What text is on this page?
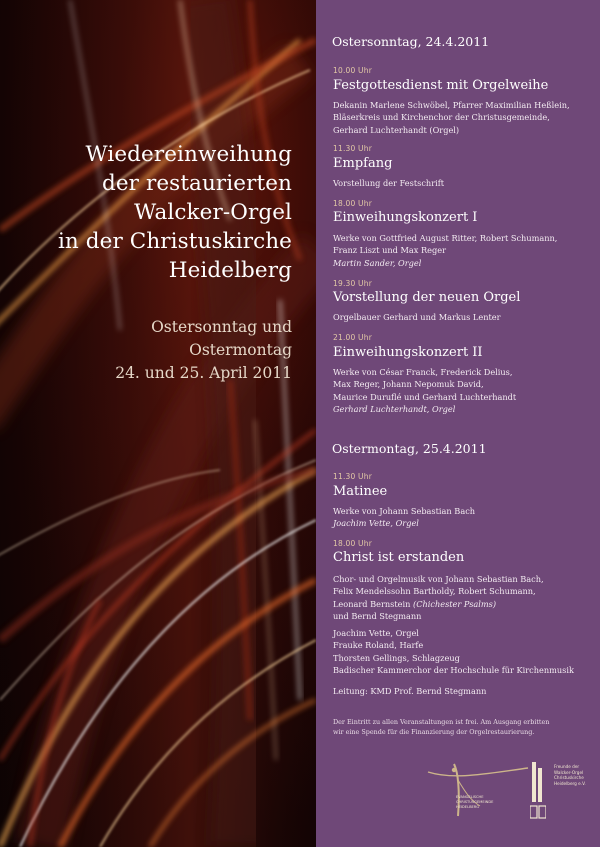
Wiedereinweihung
der restaurierten
Walcker-Orgel
in der Christuskirche
Heidelberg
Ostersonntag und
Ostermontag
24. und 25. April 2011
Ostersonntag, 24.4.2011
10.00 Uhr
Festgottesdienst mit Orgelweihe
Dekanin Marlene Schwöbel, Pfarrer Maximilian Heßlein,
Bläserkreis und Kirchenchor der Christusgemeinde,
Gerhard Luchterhandt (Orgel)
11.30 Uhr
Empfang
Vorstellung der Festschrift
18.00 Uhr
Einweihungskonzert I
Werke von Gottfried August Ritter, Robert Schumann,
Franz Liszt und Max Reger
Martin Sander, Orgel
19.30 Uhr
Vorstellung der neuen Orgel
Orgelbauer Gerhard und Markus Lenter
21.00 Uhr
Einweihungskonzert II
Werke von César Franck, Frederick Delius,
Max Reger, Johann Nepomuk David,
Maurice Duruflé und Gerhard Luchterhandt
Gerhard Luchterhandt, Orgel
Ostermontag, 25.4.2011
11.30 Uhr
Matinee
Werke von Johann Sebastian Bach
Joachim Vette, Orgel
18.00 Uhr
Christ ist erstanden
Chor- und Orgelmusik von Johann Sebastian Bach,
Felix Mendelssohn Bartholdy, Robert Schumann,
Leonard Bernstein (Chichester Psalms)
und Bernd Stegmann
Joachim Vette, Orgel
Frauke Roland, Harfe
Thorsten Gellings, Schlagzeug
Badischer Kammerchor der Hochschule für Kirchenmusik
Leitung: KMD Prof. Bernd Stegmann
Der Eintritt zu allen Veranstaltungen ist frei. Am Ausgang erbitten
wir eine Spende für die Finanzierung der Orgelrestaurierung.
EVANGELISCHE
CHRISTUSGEMEINDE
HEIDELBERG
Freunde der
Walcker-Orgel
Christuskirche
Heidelberg e.V.
